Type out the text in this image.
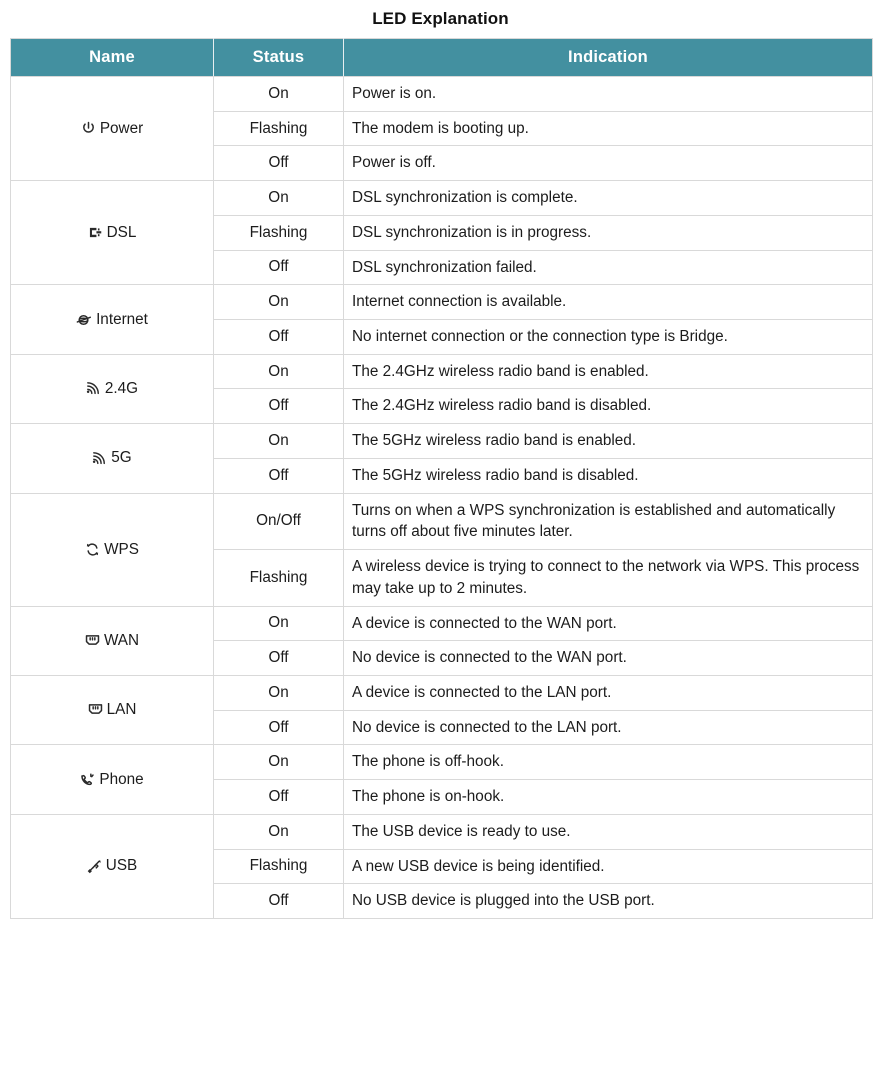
LED Explanation
Name	Status	Indication

Power	On	Power is on.
	Flashing	The modem is booting up.
	Off	Power is off.

DSL	On	DSL synchronization is complete.
	Flashing	DSL synchronization is in progress.
	Off	DSL synchronization failed.

Internet	On	Internet connection is available.
	Off	No internet connection or the connection type is Bridge.

2.4G	On	The 2.4GHz wireless radio band is enabled.
	Off	The 2.4GHz wireless radio band is disabled.

5G	On	The 5GHz wireless radio band is enabled.
	Off	The 5GHz wireless radio band is disabled.

WPS	On/Off	Turns on when a WPS synchronization is established and automatically turns off about five minutes later.
	Flashing	A wireless device is trying to connect to the network via WPS. This process may take up to 2 minutes.

WAN	On	A device is connected to the WAN port.
	Off	No device is connected to the WAN port.

LAN	On	A device is connected to the LAN port.
	Off	No device is connected to the LAN port.

Phone	On	The phone is off-hook.
	Off	The phone is on-hook.

USB	On	The USB device is ready to use.
	Flashing	A new USB device is being identified.
	Off	No USB device is plugged into the USB port.
